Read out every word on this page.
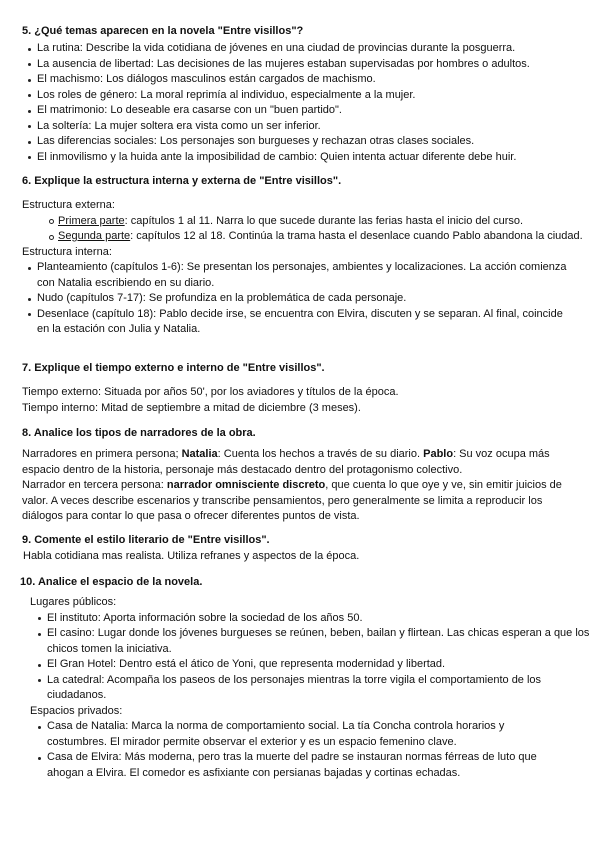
5. ¿Qué temas aparecen en la novela "Entre visillos"?
La rutina: Describe la vida cotidiana de jóvenes en una ciudad de provincias durante la posguerra.
La ausencia de libertad: Las decisiones de las mujeres estaban supervisadas por hombres o adultos.
El machismo: Los diálogos masculinos están cargados de machismo.
Los roles de género: La moral reprimía al individuo, especialmente a la mujer.
El matrimonio: Lo deseable era casarse con un "buen partido".
La soltería: La mujer soltera era vista como un ser inferior.
Las diferencias sociales: Los personajes son burgueses y rechazan otras clases sociales.
El inmovilismo y la huida ante la imposibilidad de cambio: Quien intenta actuar diferente debe huir.
6. Explique la estructura interna y externa de "Entre visillos".
Estructura externa:
Primera parte: capítulos 1 al 11. Narra lo que sucede durante las ferias hasta el inicio del curso.
Segunda parte: capítulos 12 al 18. Continúa la trama hasta el desenlace cuando Pablo abandona la ciudad.
Estructura interna:
Planteamiento (capítulos 1-6): Se presentan los personajes, ambientes y localizaciones. La acción comienza con Natalia escribiendo en su diario.
Nudo (capítulos 7-17): Se profundiza en la problemática de cada personaje.
Desenlace (capítulo 18): Pablo decide irse, se encuentra con Elvira, discuten y se separan. Al final, coincide en la estación con Julia y Natalia.
7. Explique el tiempo externo e interno de "Entre visillos".
Tiempo externo: Situada por años 50', por los aviadores y títulos de la época.
Tiempo interno: Mitad de septiembre a mitad de diciembre (3 meses).
8. Analice los tipos de narradores de la obra.
Narradores en primera persona; Natalia: Cuenta los hechos a través de su diario. Pablo: Su voz ocupa más espacio dentro de la historia, personaje más destacado dentro del protagonismo colectivo.
Narrador en tercera persona: narrador omnisciente discreto, que cuenta lo que oye y ve, sin emitir juicios de valor. A veces describe escenarios y transcribe pensamientos, pero generalmente se limita a reproducir los diálogos para contar lo que pasa o ofrecer diferentes puntos de vista.
9. Comente el estilo literario de "Entre visillos".
Habla cotidiana mas realista. Utiliza refranes y aspectos de la época.
10. Analice el espacio de la novela.
Lugares públicos:
El instituto: Aporta información sobre la sociedad de los años 50.
El casino: Lugar donde los jóvenes burgueses se reúnen, beben, bailan y flirtean. Las chicas esperan a que los chicos tomen la iniciativa.
El Gran Hotel: Dentro está el ático de Yoni, que representa modernidad y libertad.
La catedral: Acompaña los paseos de los personajes mientras la torre vigila el comportamiento de los ciudadanos.
Espacios privados:
Casa de Natalia: Marca la norma de comportamiento social. La tía Concha controla horarios y costumbres. El mirador permite observar el exterior y es un espacio femenino clave.
Casa de Elvira: Más moderna, pero tras la muerte del padre se instauran normas férreas de luto que ahogan a Elvira. El comedor es asfixiante con persianas bajadas y cortinas echadas.
